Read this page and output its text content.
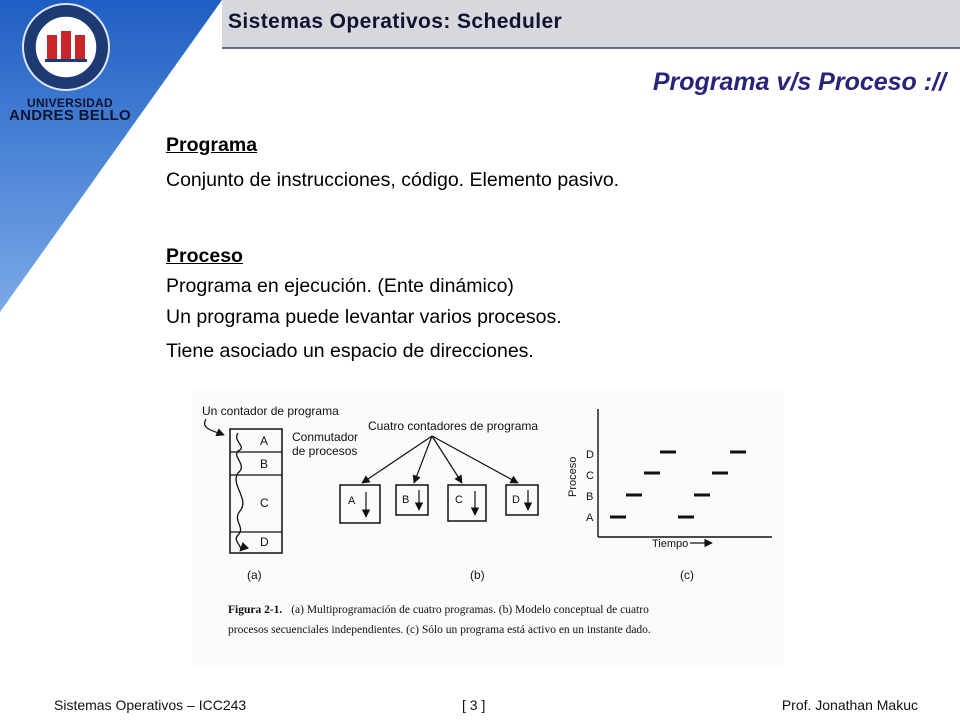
UNIVERSIDAD
ANDRES BELLO
Sistemas Operativos: Scheduler
Programa v/s Proceso ://
Programa
Conjunto de instrucciones, código. Elemento pasivo.
Proceso
Programa en ejecución. (Ente dinámico)
Un programa puede levantar varios procesos.
Tiene asociado un espacio de direcciones.
Un contador de programa
Conmutador
de procesos
A
B
C
D
(a)
Cuatro contadores de programa
A	B	C	D
(b)
Proceso
D
C
B
A
Tiempo
(c)
Figura 2-1. (a) Multiprogramación de cuatro programas. (b) Modelo conceptual de cuatro
procesos secuenciales independientes. (c) Sólo un programa está activo en un instante dado.
Sistemas Operativos – ICC243	[ 3 ]	Prof. Jonathan Makuc
